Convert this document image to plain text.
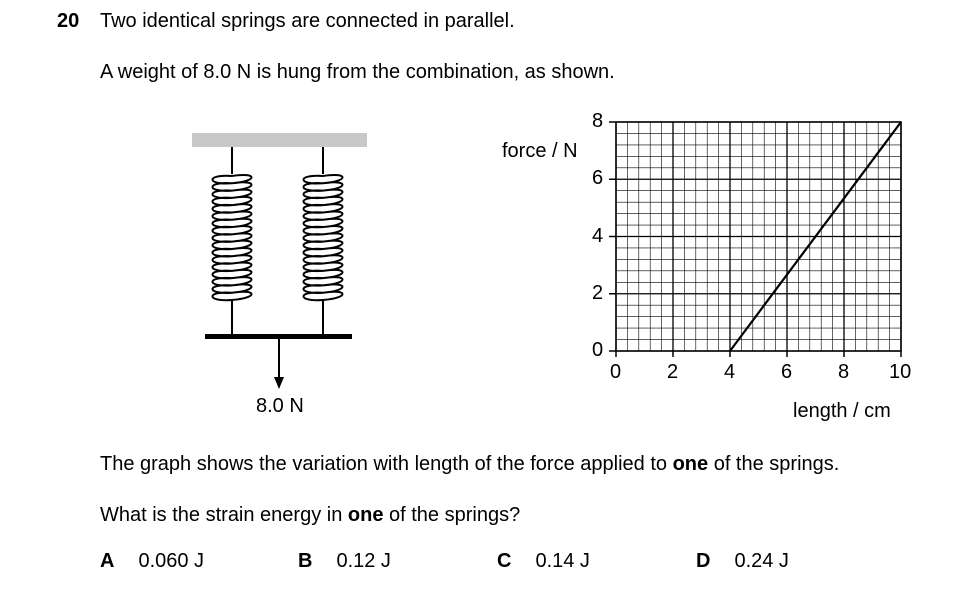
20 Two identical springs are connected in parallel.
A weight of 8.0 N is hung from the combination, as shown.
8.0 N
force / N
length / cm
0 2 4 6 8 10
0
2
4
6
8
The graph shows the variation with length of the force applied to one of the springs.
What is the strain energy in one of the springs?
A 0.060 J	B 0.12 J	C 0.14 J	D 0.24 J
